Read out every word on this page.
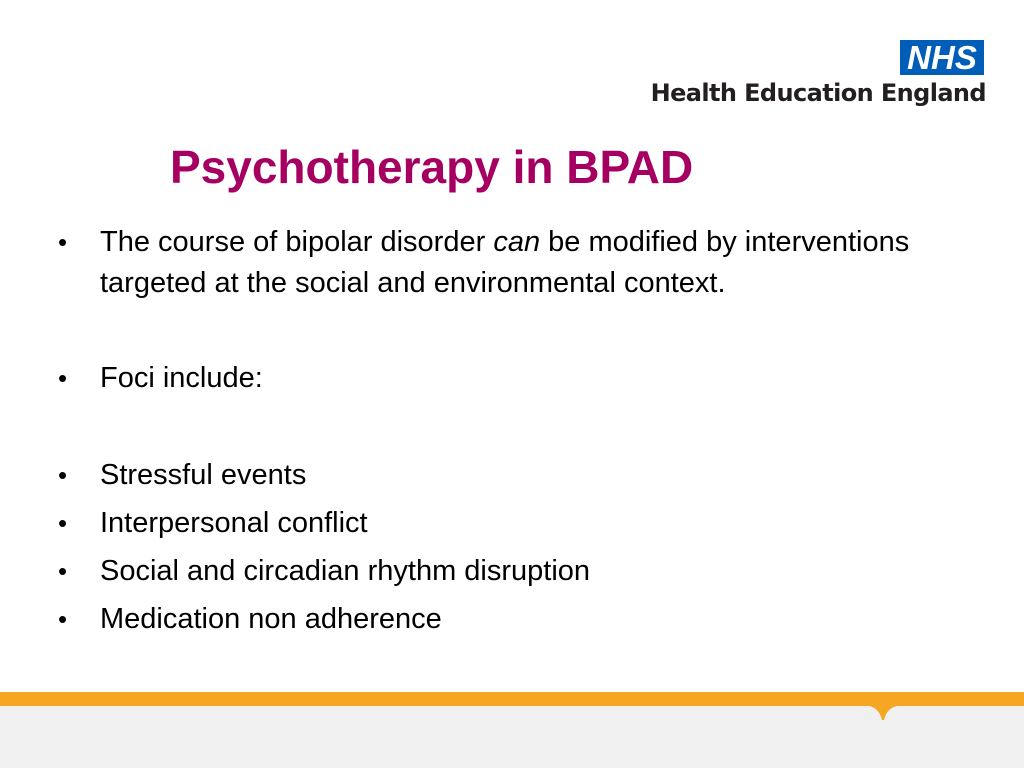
NHS
Health Education England
Psychotherapy in BPAD
• The course of bipolar disorder can be modified by interventions targeted at the social and environmental context.
• Foci include:
• Stressful events
• Interpersonal conflict
• Social and circadian rhythm disruption
• Medication non adherence
